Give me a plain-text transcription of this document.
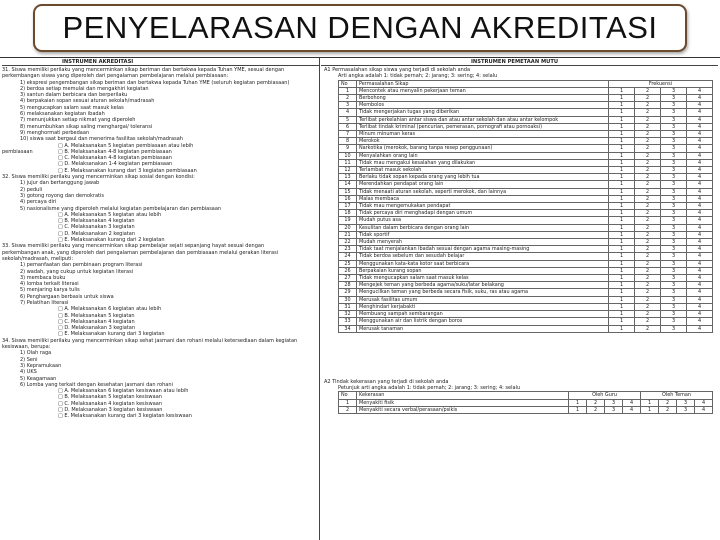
PENYELARASAN DENGAN AKREDITASI
INSTRUMEN AKREDITASI
31. Siswa memiliki perilaku yang mencerminkan sikap beriman dan bertakwa kepada Tuhan YME, sesuai dengan
perkembangan siswa yang diperoleh dari pengalaman pembelajaran melalui pembiasaan:
1) ekspresi pengembangan sikap beriman dan bertakwa kepada Tuhan YME (seluruh kegiatan pembiasaan)
2) berdoa setiap memulai dan mengakhiri kegiatan
3) santun dalam berbicara dan berperilaku
4) berpakaian sopan sesuai aturan sekolah/madrasah
5) mengucapkan salam saat masuk kelas
6) melaksanakan kegiatan ibadah
7) menunjukkan setiap nikmat yang diperoleh
8) menumbuhkan sikap saling menghargai/ toleransi
9) menghormati perbedaan
10) siswa saat bergaul dan menerima fasilitas sekolah/madrasah
□ A. Melaksanakan 5 kegiatan pembiasaan atau lebih
□ B. Melaksanakan 4-8 kegiatan pembiasaan
pembiasaan
□ C. Melaksanakan 4-8 kegiatan pembiasaan
□ D. Melaksanakan 1-4 kegiatan pembiasaan
□ E. Melaksanakan kurang dari 3 kegiatan pembiasaan
32. Siswa memiliki perilaku yang mencerminkan sikap sosial dengan kondisi:
1) jujur dan bertanggung jawab
2) peduli
3) gotong royong dan demokratis
4) percaya diri
5) nasionalisme yang diperoleh melalui kegiatan pembelajaran dan pembiasaan
□ A. Melaksanakan 5 kegiatan atau lebih
□ B. Melaksanakan 4 kegiatan
□ C. Melaksanakan 3 kegiatan
□ D. Melaksanakan 2 kegiatan
□ E. Melaksanakan kurang dari 2 kegiatan
33. Siswa memiliki perilaku yang mencerminkan sikap pembelajar sejati sepanjang hayat sesuai dengan
perkembangan anak, yang diperoleh dari pengalaman pembelajaran dan pembiasaan melalui gerakan literasi
sekolah/madrasah, meliputi:
1) pemanfaatan dan pembinaan program literasi
2) wadah, yang cukup untuk kegiatan literasi
3) membaca buku
4) lomba terkait literasi
5) menjaring karya tulis
6) Penghargaan berbasis untuk siswa
7) Pelatihan literasi
□ A. Melaksanakan 6 kegiatan atau lebih
□ B. Melaksanakan 5 kegiatan
□ C. Melaksanakan 4 kegiatan
□ D. Melaksanakan 3 kegiatan
□ E. Melaksanakan kurang dari 3 kegiatan
34. Siswa memiliki perilaku yang mencerminkan sikap sehat jasmani dan rohani melalui ketersediaan dalam kegiatan
kesiswaan, berupa:
1) Olah raga
2) Seni
3) Kepramukaan
4) UKS
5) Keagamaan
6) Lomba yang terkait dengan kesehatan jasmani dan rohani
□ A. Melaksanakan 6 kegiatan kesiswaan atau lebih
□ B. Melaksanakan 5 kegiatan kesiswaan
□ C. Melaksanakan 4 kegiatan kesiswaan
□ D. Melaksanakan 3 kegiatan kesiswaan
□ E. Melaksanakan kurang dari 3 kegiatan kesiswaan
INSTRUMEN PEMETAAN MUTU
A1 Permasalahan sikap siswa yang terjadi di sekolah anda
Arti angka adalah 1: tidak pernah; 2: jarang; 3: sering; 4: selalu
No	Permasalahan Sikap	Frekuensi			
1	Mencontek atau menyalin pekerjaan teman	1	2	3	4
2	Berbohong	1	2	3	4
3	Membolos	1	2	3	4
4	Tidak mengerjakan tugas yang diberikan	1	2	3	4
5	Terlibat perkelahian antar siswa dan atau antar sekolah dan atau antar kelompok	1	2	3	4
6	Terlibat tindak kriminal (pencurian, pemerasan, pornografi atau pornoaksi)	1	2	3	4
7	Minum minuman keras	1	2	3	4
8	Merokok	1	2	3	4
9	Narkotika (merokok, barang tanpa resep penggunaan)	1	2	3	4
10	Menyalahkan orang lain	1	2	3	4
11	Tidak mau mengakui kesalahan yang dilakukan	1	2	3	4
12	Terlambat masuk sekolah	1	2	3	4
13	Berlaku tidak sopan kepada orang yang lebih tua	1	2	3	4
14	Merendahkan pendapat orang lain	1	2	3	4
15	Tidak menaati aturan sekolah, seperti merokok, dan lainnya	1	2	3	4
16	Malas membaca	1	2	3	4
17	Tidak mau mengemukakan pendapat	1	2	3	4
18	Tidak percaya diri menghadapi dengan umum	1	2	3	4
19	Mudah putus asa	1	2	3	4
20	Kesulitan dalam berbicara dengan orang lain	1	2	3	4
21	Tidak sportif	1	2	3	4
22	Mudah menyerah	1	2	3	4
23	Tidak taat menjalankan ibadah sesuai dengan agama masing-masing	1	2	3	4
24	Tidak berdoa sebelum dan sesudah belajar	1	2	3	4
25	Menggunakan kata-kata kotor saat berbicara	1	2	3	4
26	Berpakaian kurang sopan	1	2	3	4
27	Tidak mengucapkan salam saat masuk kelas	1	2	3	4
28	Mengejek teman yang berbeda agama/suku/latar belakang	1	2	3	4
29	Mengucilkan teman yang berbeda secara fisik, suku, ras atau agama	1	2	3	4
30	Merusak fasilitas umum	1	2	3	4
31	Menghindari kerjabakti	1	2	3	4
32	Membuang sampah sembarangan	1	2	3	4
33	Menggunakan air dan listrik dengan boros	1	2	3	4
34	Merusak tanaman	1	2	3	4
A2 Tindak kekerasan yang terjadi di sekolah anda
Petunjuk arti angka adalah 1: tidak pernah; 2: jarang; 3: sering; 4: selalu
No	Kekerasan	Oleh Guru				Oleh Teman			
1	Menyakiti fisik	1	2	3	4	1	2	3	4
2	Menyakiti secara verbal/perasaan/psikis	1	2	3	4	1	2	3	4
